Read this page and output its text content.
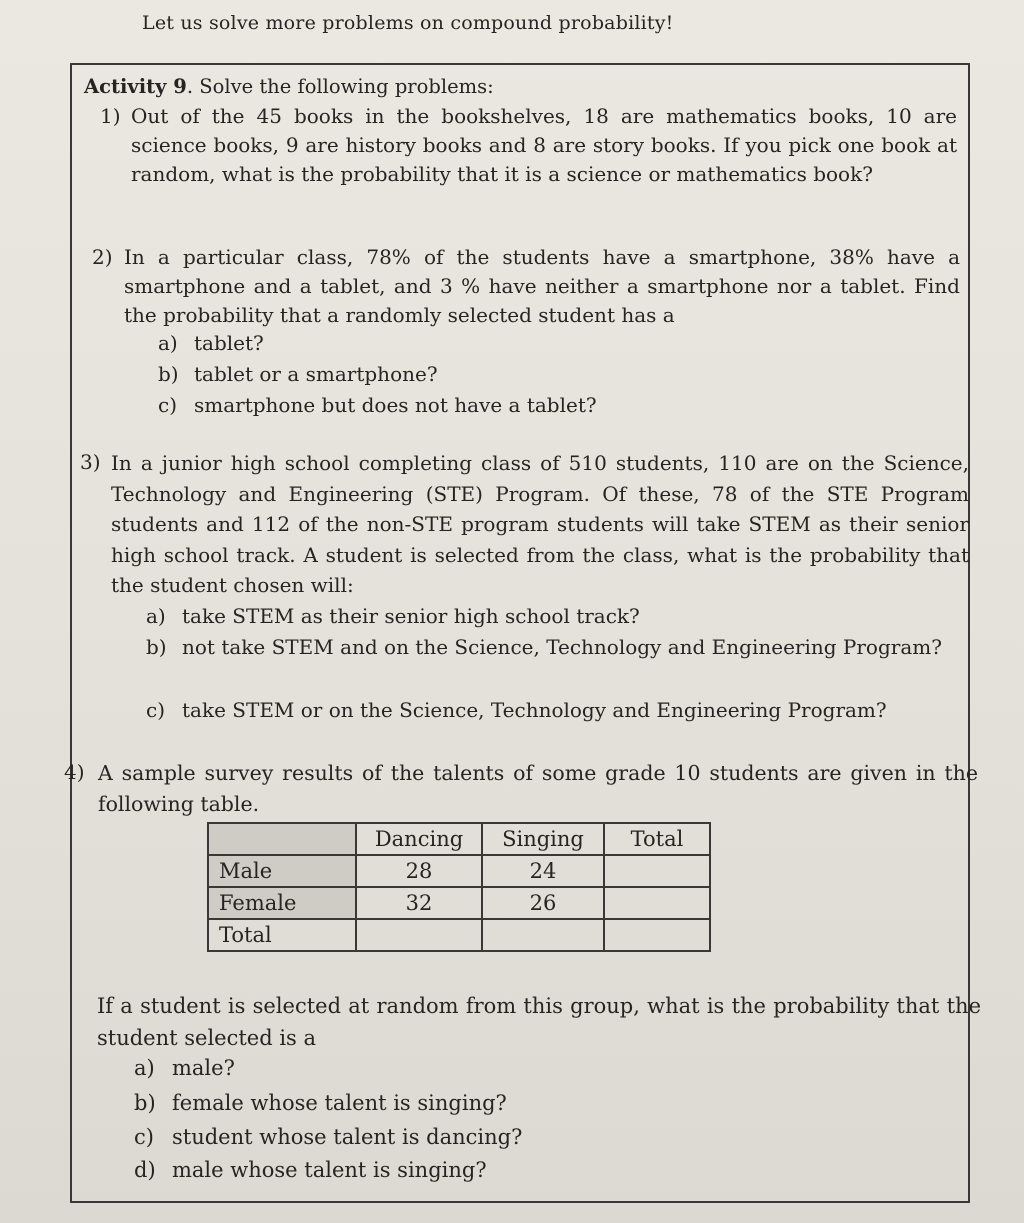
Let us solve more problems on compound probability!
Activity 9. Solve the following problems:
1) Out of the 45 books in the bookshelves, 18 are mathematics books, 10 are science books, 9 are history books and 8 are story books. If you pick one book at random, what is the probability that it is a science or mathematics book?
2) In a particular class, 78% of the students have a smartphone, 38% have a smartphone and a tablet, and 3 % have neither a smartphone nor a tablet. Find the probability that a randomly selected student has a
a) tablet?
b) tablet or a smartphone?
c) smartphone but does not have a tablet?
3) In a junior high school completing class of 510 students, 110 are on the Science, Technology and Engineering (STE) Program. Of these, 78 of the STE Program students and 112 of the non-STE program students will take STEM as their senior high school track. A student is selected from the class, what is the probability that the student chosen will:
a) take STEM as their senior high school track?
b) not take STEM and on the Science, Technology and Engineering Program?
c) take STEM or on the Science, Technology and Engineering Program?
4) A sample survey results of the talents of some grade 10 students are given in the following table.
	Dancing	Singing	Total
Male	28	24	
Female	32	26	
Total			
If a student is selected at random from this group, what is the probability that the student selected is a
a) male?
b) female whose talent is singing?
c) student whose talent is dancing?
d) male whose talent is singing?
